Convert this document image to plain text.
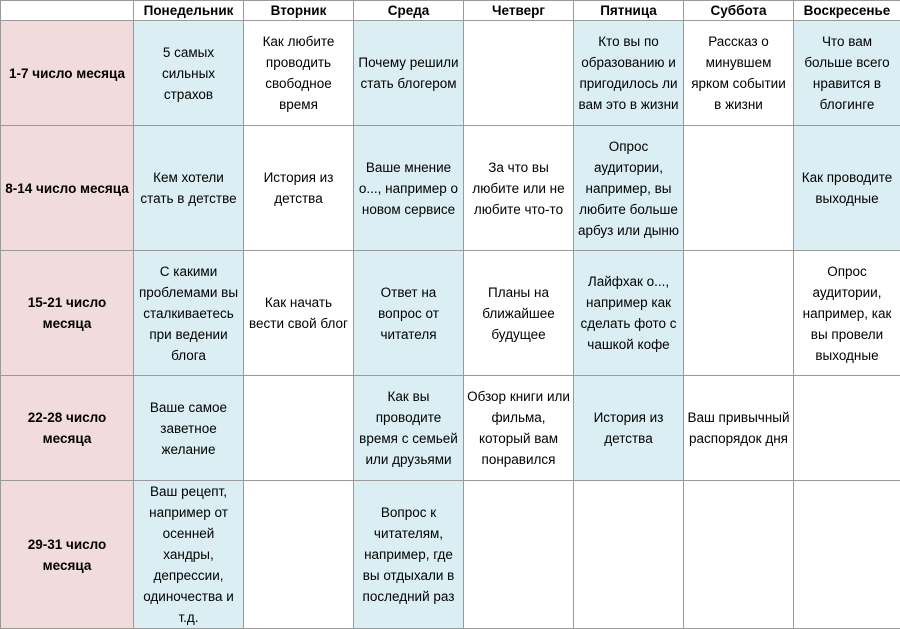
	Понедельник	Вторник	Среда	Четверг	Пятница	Суббота	Воскресенье
1-7 число месяца	5 самых сильных страхов	Как любите проводить свободное время	Почему решили стать блогером		Кто вы по образованию и пригодилось ли вам это в жизни	Рассказ о минувшем ярком событии в жизни	Что вам больше всего нравится в блогинге
8-14 число месяца	Кем хотели стать в детстве	История из детства	Ваше мнение о..., например о новом сервисе	За что вы любите или не любите что-то	Опрос аудитории, например, вы любите больше арбуз или дыню		Как проводите выходные
15-21 число месяца	С какими проблемами вы сталкиваетесь при ведении блога	Как начать вести свой блог	Ответ на вопрос от читателя	Планы на ближайшее будущее	Лайфхак о..., например как сделать фото с чашкой кофе		Опрос аудитории, например, как вы провели выходные
22-28 число месяца	Ваше самое заветное желание		Как вы проводите время с семьей или друзьями	Обзор книги или фильма, который вам понравился	История из детства	Ваш привычный распорядок дня	
29-31 число месяца	Ваш рецепт, например от осенней хандры, депрессии, одиночества и т.д.		Вопрос к читателям, например, где вы отдыхали в последний раз				
